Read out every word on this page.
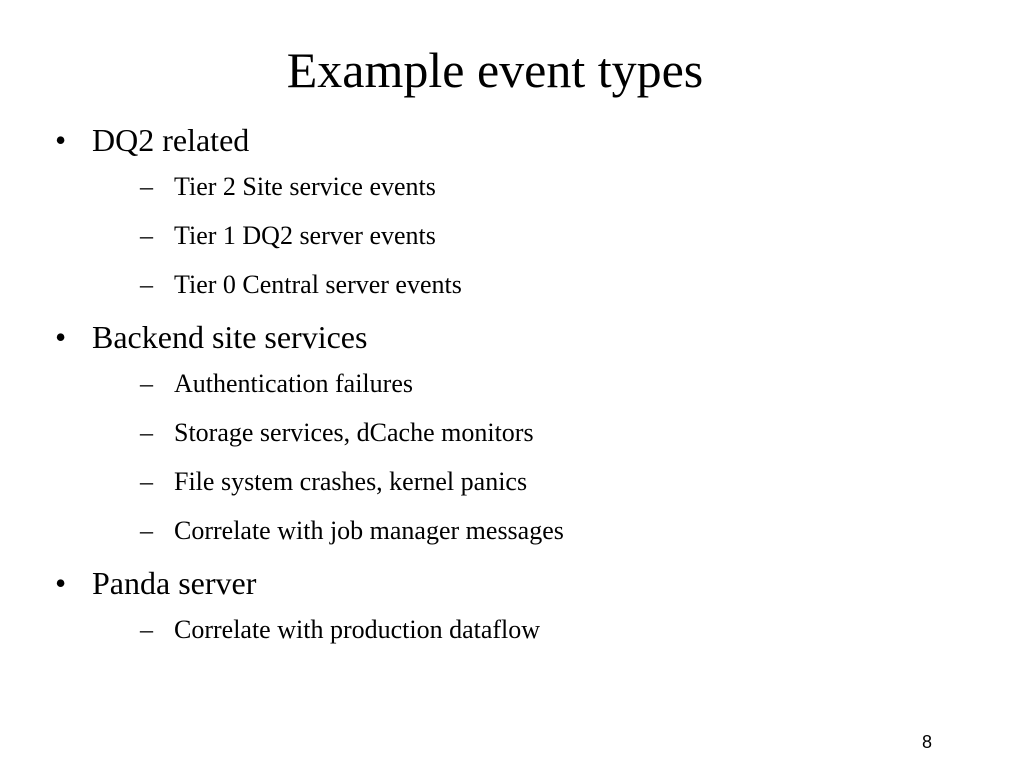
Example event types
• DQ2 related
– Tier 2 Site service events
– Tier 1 DQ2 server events
– Tier 0 Central server events
• Backend site services
– Authentication failures
– Storage services, dCache monitors
– File system crashes, kernel panics
– Correlate with job manager messages
• Panda server
– Correlate with production dataflow
8
